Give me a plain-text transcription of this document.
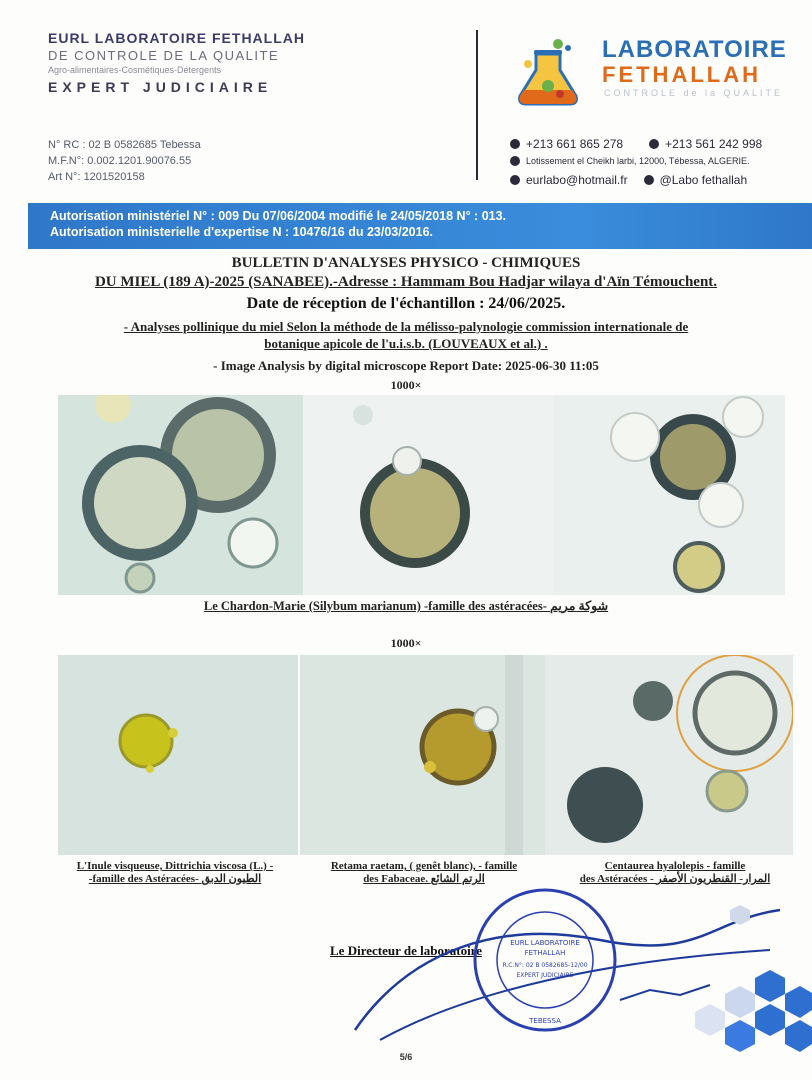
EURL LABORATOIRE FETHALLAH
DE CONTROLE DE LA QUALITE
Agro-alimentaires-Cosmétiques-Détergents
EXPERT JUDICIAIRE
N° RC : 02 B 0582685 Tebessa
M.F.N°: 0.002.1201.90076.55
Art N°: 1201520158
LABORATOIRE
FETHALLAH
CONTROLE de la QUALITE
+213 661 865 278	+213 561 242 998
Lotissement el Cheikh larbi, 12000, Tébessa, ALGERIE.
eurlabo@hotmail.fr	@Labo fethallah
Autorisation ministériel N° : 009 Du 07/06/2004 modifié le 24/05/2018 N° : 013.
Autorisation ministerielle d'expertise N : 10476/16 du 23/03/2016.
BULLETIN D'ANALYSES PHYSICO - CHIMIQUES
DU MIEL (189 A)-2025 (SANABEE).-Adresse : Hammam Bou Hadjar wilaya d'Aïn Témouchent.
Date de réception de l'échantillon : 24/06/2025.
- Analyses pollinique du miel Selon la méthode de la mélisso-palynologie commission internationale de
botanique apicole de l'u.i.s.b. (LOUVEAUX et al.) .
- Image Analysis by digital microscope Report Date: 2025-06-30 11:05
1000×
Le Chardon-Marie (Silybum marianum) -famille des astéracées- شوكة مريم
1000×
L'Inule visqueuse, Dittrichia viscosa (L.) -
-famille des Astéracées- الطيون الدبق
Retama raetam, ( genêt blanc), - famille
des Fabaceae. الرتم الشائع
Centaurea hyalolepis - famille
des Astéracées - المرار- القنطريون الأصفر
Le Directeur de laboratoire	EURL LABORATOIRE
FETHALLAH
R.C.N°: 02 B 0582685-12/00
EXPERT JUDICIAIRE
TEBESSA
5/6
